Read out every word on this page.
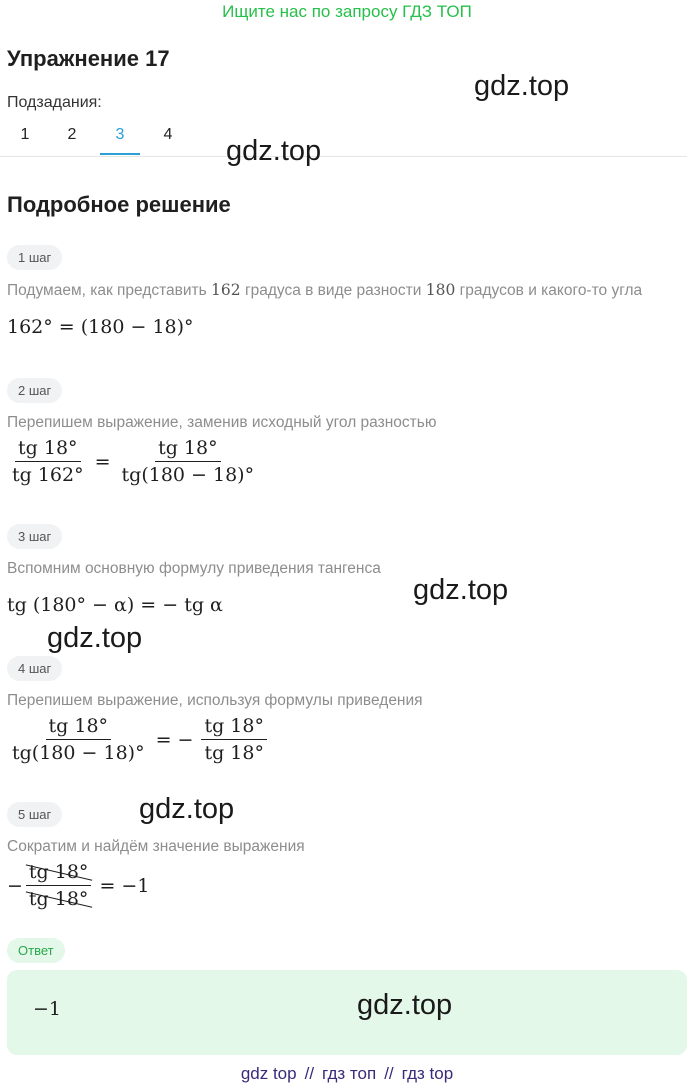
Ищите нас по запросу ГДЗ ТОП
Упражнение 17
Подзадания:
1	2	3	4
Подробное решение
1 шаг
Подумаем, как представить 162 градуса в виде разности 180 градусов и какого-то угла
162° = (180 − 18)°
2 шаг
Перепишем выражение, заменив исходный угол разностью
$\frac{tg 18^\circ}{tg 162^\circ} = \frac{tg 18^\circ}{tg(180 - 18)^\circ}$
3 шаг
Вспомним основную формулу приведения тангенса
tg (180° − α) = − tg α
4 шаг
Перепишем выражение, используя формулы приведения
$\frac{tg 18^\circ}{tg(180 - 18)^\circ}$ = − $\frac{tg 18^\circ}{tg 18^\circ}$
5 шаг
Сократим и найдём значение выражения
− $\frac{tg 18^\circ}{tg 18^\circ} = -1$
Ответ
−1
gdz.top
gdz.top
gdz.top
gdz.top
gdz.top
gdz.top
gdz top // гдз топ // гдз top
